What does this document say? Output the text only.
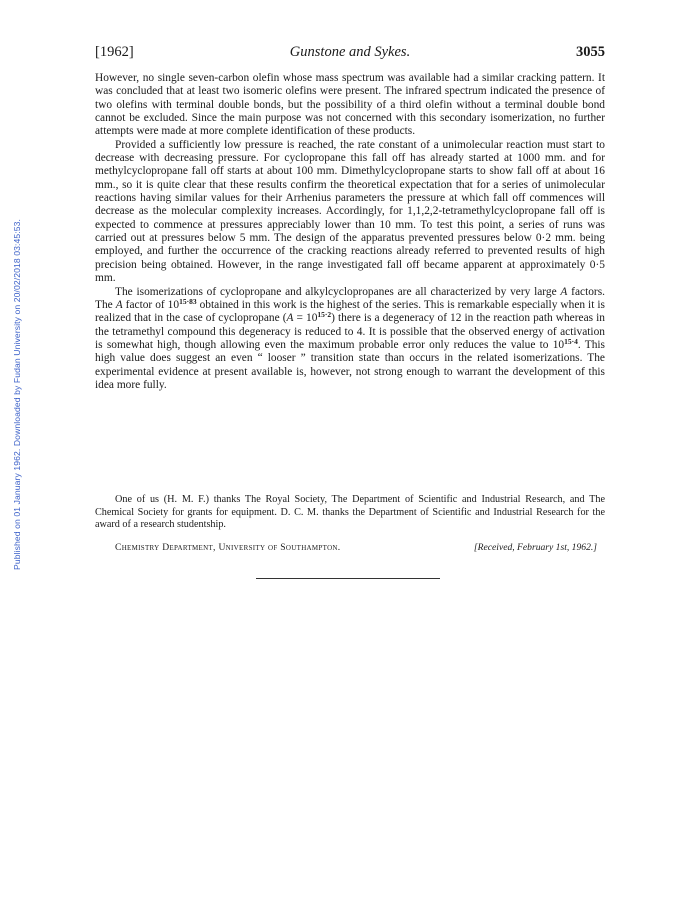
Published on 01 January 1962. Downloaded by Fudan University on 20/02/2018 03:45:53.
[1962]	Gunstone and Sykes.	3055

However, no single seven-carbon olefin whose mass spectrum was available had a similar cracking pattern. It was concluded that at least two isomeric olefins were present. The infrared spectrum indicated the presence of two olefins with terminal double bonds, but the possibility of a third olefin without a terminal double bond cannot be excluded. Since the main purpose was not concerned with this secondary isomerization, no further attempts were made at more complete identification of these products.

Provided a sufficiently low pressure is reached, the rate constant of a unimolecular reaction must start to decrease with decreasing pressure. For cyclopropane this fall off has already started at 1000 mm. and for methylcyclopropane fall off starts at about 100 mm. Dimethylcyclopropane starts to show fall off at about 16 mm., so it is quite clear that these results confirm the theoretical expectation that for a series of unimolecular reactions having similar values for their Arrhenius parameters the pressure at which fall off commences will decrease as the molecular complexity increases. Accordingly, for 1,1,2,2-tetramethylcyclopropane fall off is expected to commence at pressures appreciably lower than 10 mm. To test this point, a series of runs was carried out at pressures below 5 mm. The design of the apparatus prevented pressures below 0·2 mm. being employed, and further the occurrence of the cracking reactions already referred to prevented results of high precision being obtained. However, in the range investigated fall off became apparent at approximately 0·5 mm.

The isomerizations of cyclopropane and alkylcyclopropanes are all characterized by very large A factors. The A factor of $10^{15\cdot 83}$ obtained in this work is the highest of the series. This is remarkable especially when it is realized that in the case of cyclopropane $(A = 10^{15\cdot 2})$ there is a degeneracy of 12 in the reaction path whereas in the tetramethyl compound this degeneracy is reduced to 4. It is possible that the observed energy of activation is somewhat high, though allowing even the maximum probable error only reduces the value to $10^{15\cdot 4}$. This high value does suggest an even “ looser ” transition state than occurs in the related isomerizations. The experimental evidence at present available is, however, not strong enough to warrant the development of this idea more fully.

One of us (H. M. F.) thanks The Royal Society, The Department of Scientific and Industrial Research, and The Chemical Society for grants for equipment. D. C. M. thanks the Department of Scientific and Industrial Research for the award of a research studentship.

Chemistry Department, University of Southampton.	[Received, February 1st, 1962.]
